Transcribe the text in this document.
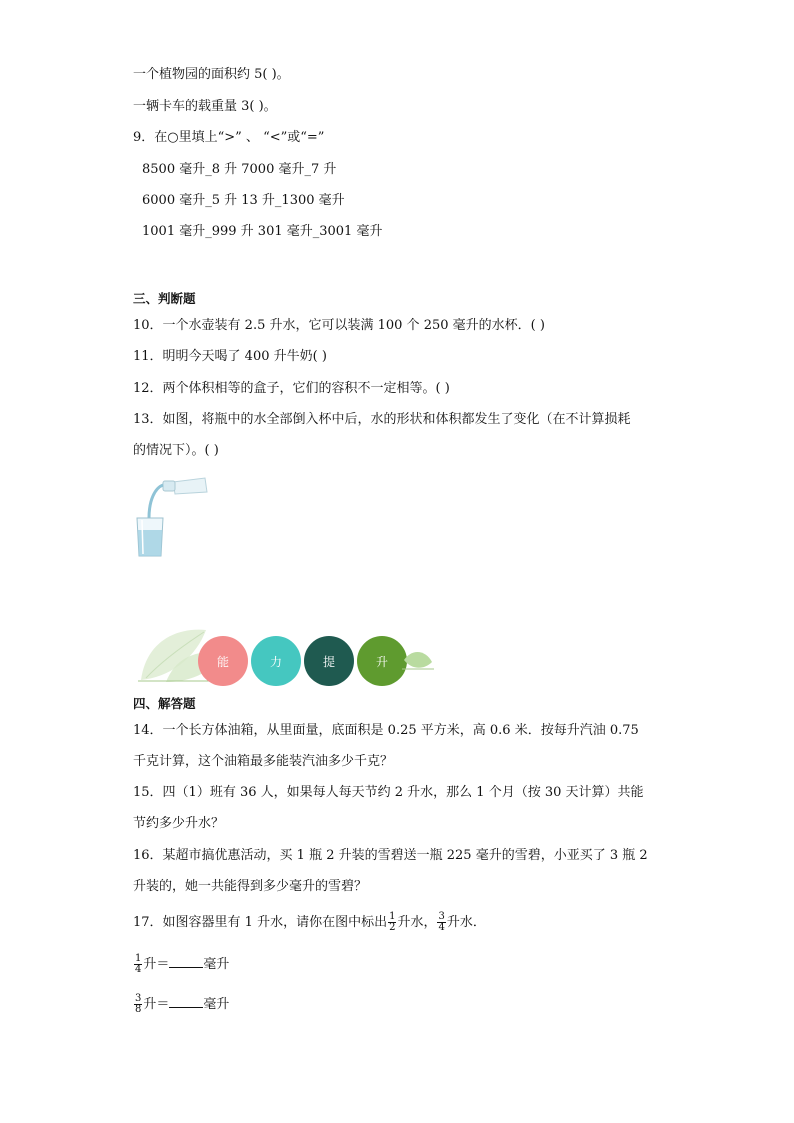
一个植物园的面积约 5( )。
一辆卡车的载重量 3( )。
9．在○里填上“>” 、 “<”或“=”
8500 毫升_8 升 7000 毫升_7 升
6000 毫升_5 升 13 升_1300 毫升
1001 毫升_999 升 301 毫升_3001 毫升
三、判断题
10．一个水壶装有 2.5 升水，它可以装满 100 个 250 毫升的水杯．( )
11．明明今天喝了 400 升牛奶( )
12．两个体积相等的盒子，它们的容积不一定相等。( )
13．如图，将瓶中的水全部倒入杯中后，水的形状和体积都发生了变化（在不计算损耗
的情况下）。( )
能	力	提	升
四、解答题
14．一个长方体油箱，从里面量，底面积是 0.25 平方米，高 0.6 米．按每升汽油 0.75
千克计算，这个油箱最多能装汽油多少千克？
15．四（1）班有 36 人，如果每人每天节约 2 升水，那么 1 个月（按 30 天计算）共能
节约多少升水？
16．某超市搞优惠活动，买 1 瓶 2 升装的雪碧送一瓶 225 毫升的雪碧，小亚买了 3 瓶 2
升装的，她一共能得到多少毫升的雪碧？
17．如图容器里有 1 升水，请你在图中标出 $\frac{1}{2}$ 升水， $\frac{3}{4}$ 升水．
$\frac{1}{4}$ 升＝	毫升
$\frac{3}{8}$ 升＝	毫升
